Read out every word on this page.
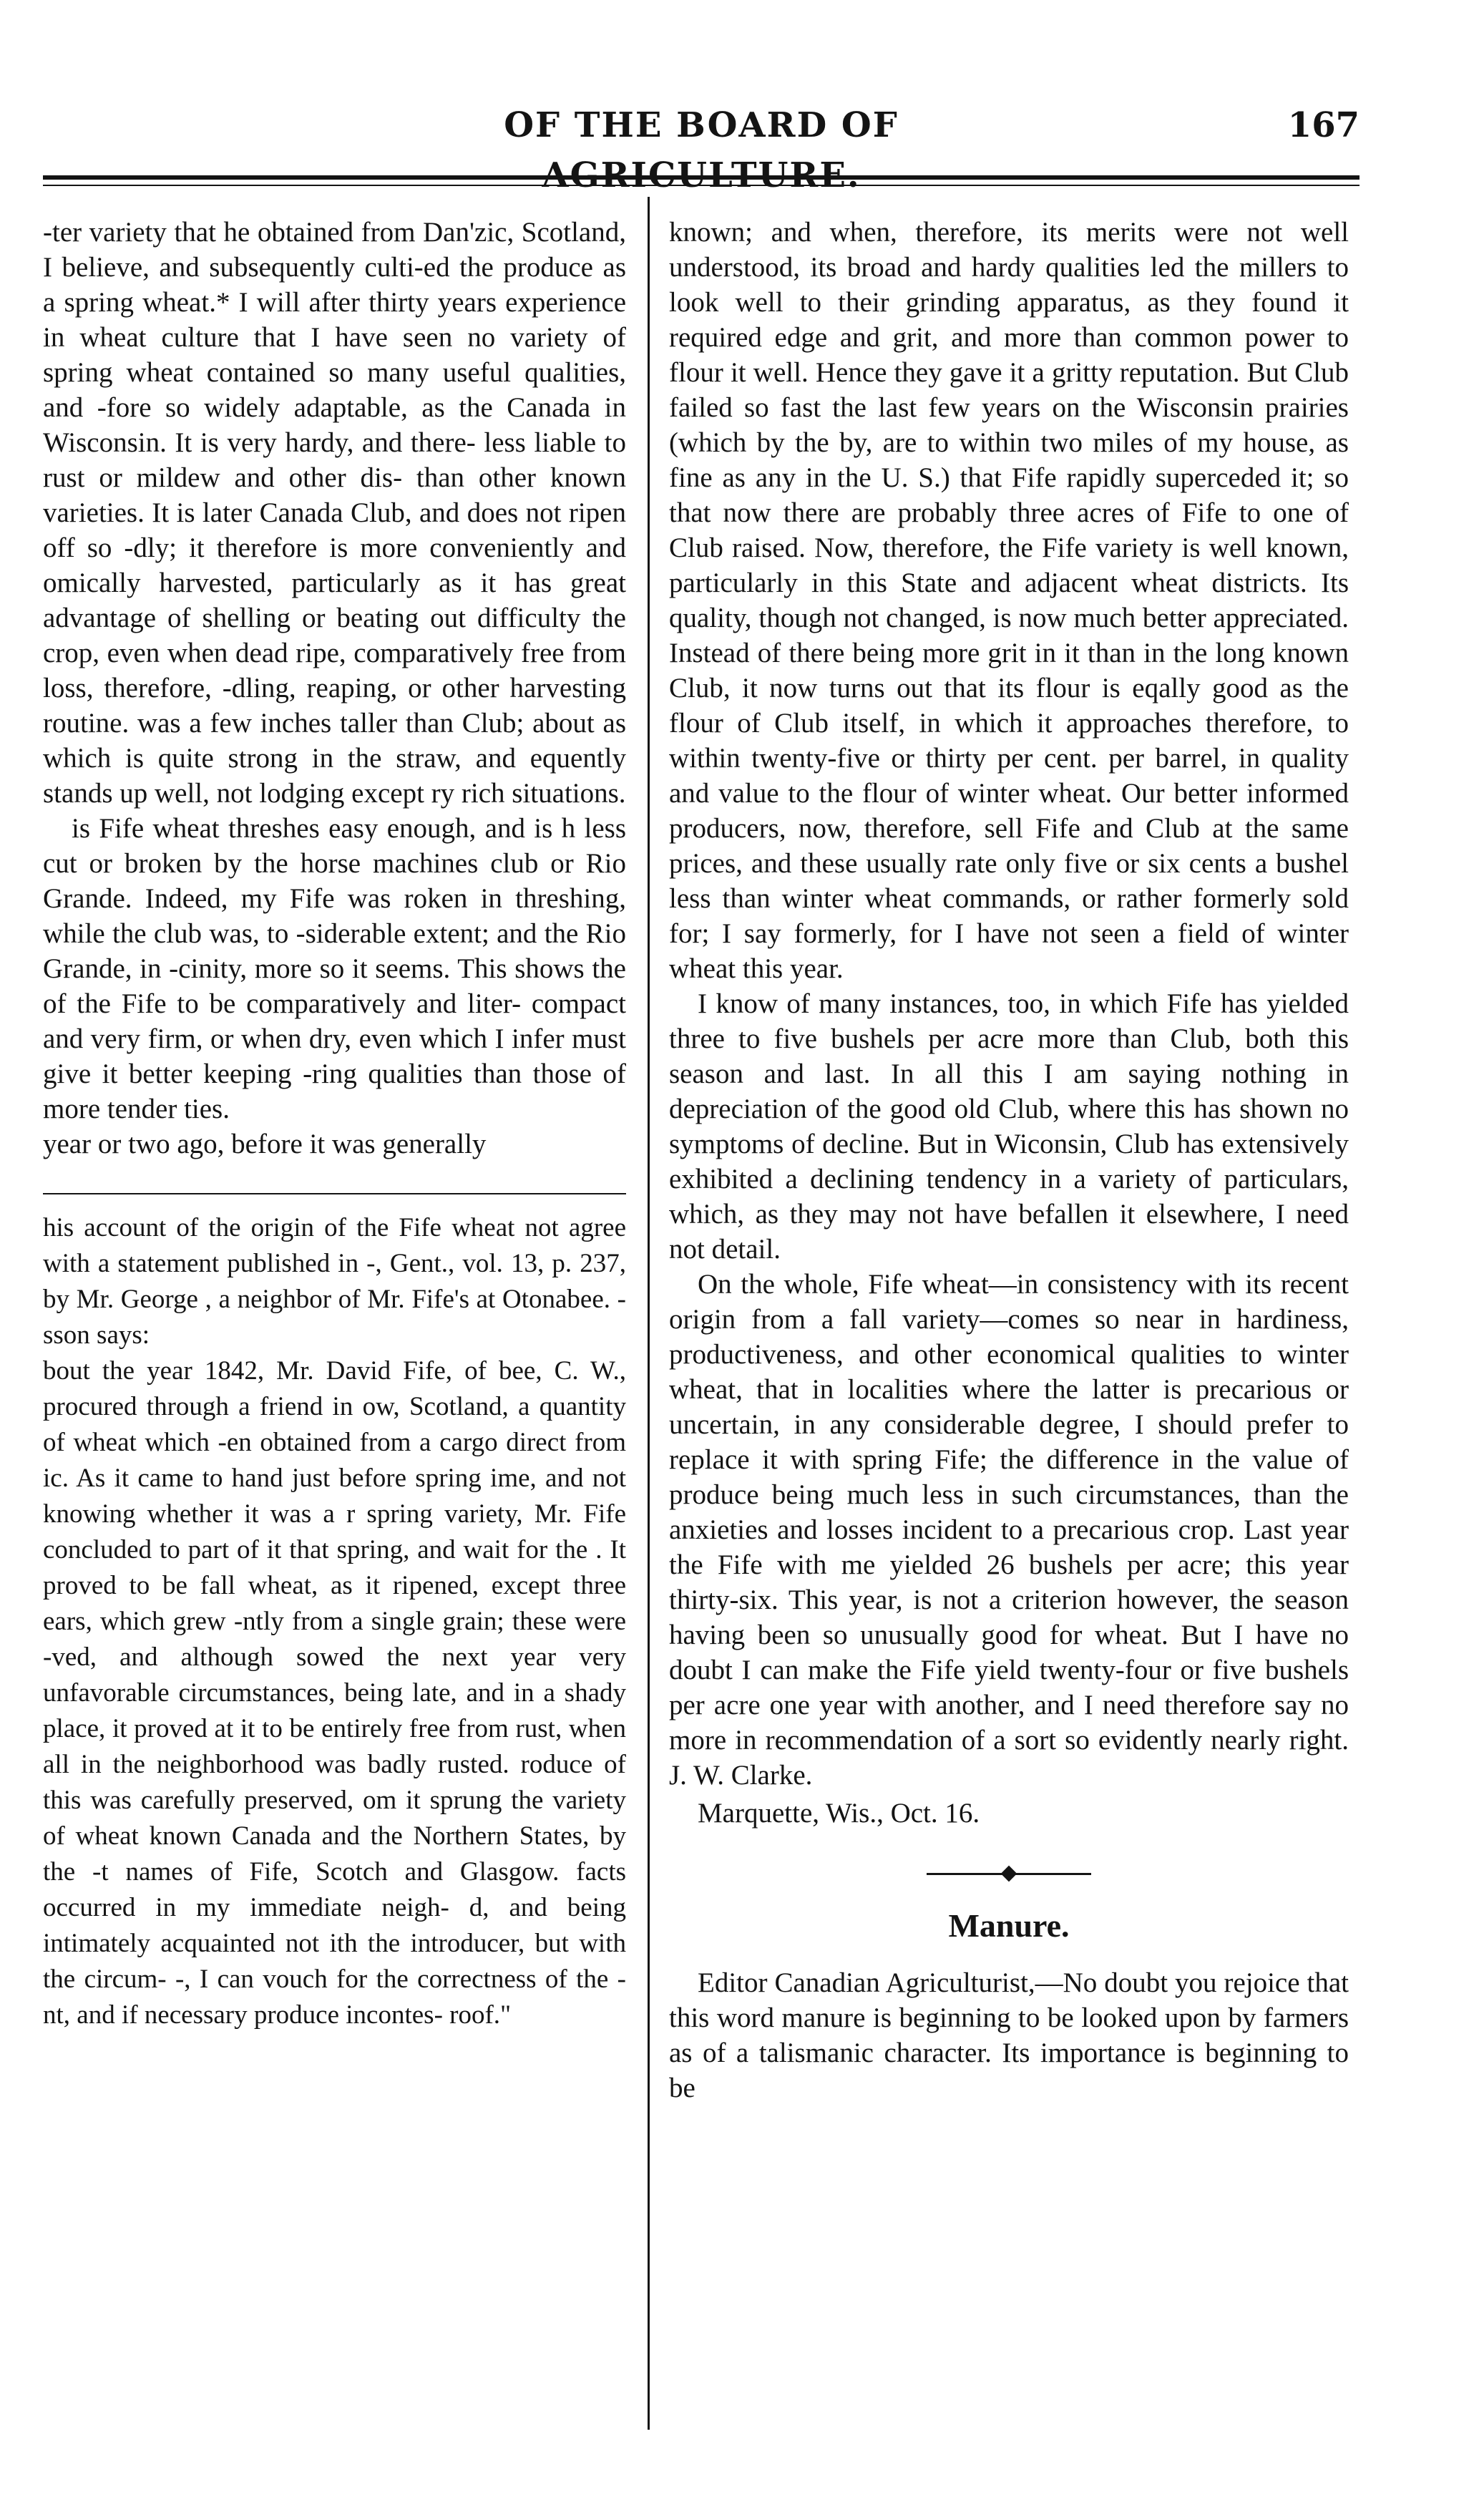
OF THE BOARD OF AGRICULTURE.
167

-ter variety that he obtained from Dan'zic, Scotland, I believe, and subsequently culti-ed the produce as a spring wheat.* I will after thirty years experience in wheat culture that I have seen no variety of spring wheat contained so many useful qualities, and -fore so widely adaptable, as the Canada in Wisconsin. It is very hardy, and there- less liable to rust or mildew and other dis- than other known varieties. It is later Canada Club, and does not ripen off so -dly; it therefore is more conveniently and omically harvested, particularly as it has great advantage of shelling or beating out difficulty the crop, even when dead ripe, comparatively free from loss, therefore, -dling, reaping, or other harvesting routine. was a few inches taller than Club; about as which is quite strong in the straw, and equently stands up well, not lodging except ry rich situations.

is Fife wheat threshes easy enough, and is h less cut or broken by the horse machines club or Rio Grande. Indeed, my Fife was roken in threshing, while the club was, to -siderable extent; and the Rio Grande, in -cinity, more so it seems. This shows the of the Fife to be comparatively and liter- compact and very firm, or when dry, even which I infer must give it better keeping -ring qualities than those of more tender ties.

year or two ago, before it was generally

his account of the origin of the Fife wheat not agree with a statement published in -, Gent., vol. 13, p. 237, by Mr. George , a neighbor of Mr. Fife's at Otonabee. -sson says:

bout the year 1842, Mr. David Fife, of bee, C. W., procured through a friend in ow, Scotland, a quantity of wheat which -en obtained from a cargo direct from ic. As it came to hand just before spring ime, and not knowing whether it was a r spring variety, Mr. Fife concluded to part of it that spring, and wait for the . It proved to be fall wheat, as it ripened, except three ears, which grew -ntly from a single grain; these were -ved, and although sowed the next year very unfavorable circumstances, being late, and in a shady place, it proved at it to be entirely free from rust, when all in the neighborhood was badly rusted. roduce of this was carefully preserved, om it sprung the variety of wheat known Canada and the Northern States, by the -t names of Fife, Scotch and Glasgow. facts occurred in my immediate neigh- d, and being intimately acquainted not ith the introducer, but with the circum- -, I can vouch for the correctness of the -nt, and if necessary produce incontes- roof."

known; and when, therefore, its merits were not well understood, its broad and hardy qualities led the millers to look well to their grinding apparatus, as they found it required edge and grit, and more than common power to flour it well. Hence they gave it a gritty reputation. But Club failed so fast the last few years on the Wisconsin prairies (which by the by, are to within two miles of my house, as fine as any in the U. S.) that Fife rapidly superceded it; so that now there are probably three acres of Fife to one of Club raised. Now, therefore, the Fife variety is well known, particularly in this State and adjacent wheat districts. Its quality, though not changed, is now much better appreciated. Instead of there being more grit in it than in the long known Club, it now turns out that its flour is eqally good as the flour of Club itself, in which it approaches therefore, to within twenty-five or thirty per cent. per barrel, in quality and value to the flour of winter wheat. Our better informed producers, now, therefore, sell Fife and Club at the same prices, and these usually rate only five or six cents a bushel less than winter wheat commands, or rather formerly sold for; I say formerly, for I have not seen a field of winter wheat this year.

I know of many instances, too, in which Fife has yielded three to five bushels per acre more than Club, both this season and last. In all this I am saying nothing in depreciation of the good old Club, where this has shown no symptoms of decline. But in Wiconsin, Club has extensively exhibited a declining tendency in a variety of particulars, which, as they may not have befallen it elsewhere, I need not detail.

On the whole, Fife wheat—in consistency with its recent origin from a fall variety—comes so near in hardiness, productiveness, and other economical qualities to winter wheat, that in localities where the latter is precarious or uncertain, in any considerable degree, I should prefer to replace it with spring Fife; the difference in the value of produce being much less in such circumstances, than the anxieties and losses incident to a precarious crop. Last year the Fife with me yielded 26 bushels per acre; this year thirty-six. This year, is not a criterion however, the season having been so unusually good for wheat. But I have no doubt I can make the Fife yield twenty-four or five bushels per acre one year with another, and I need therefore say no more in recommendation of a sort so evidently nearly right. J. W. Clarke.

Marquette, Wis., Oct. 16.

Manure.

Editor Canadian Agriculturist,—No doubt you rejoice that this word manure is beginning to be looked upon by farmers as of a talismanic character. Its importance is beginning to be
